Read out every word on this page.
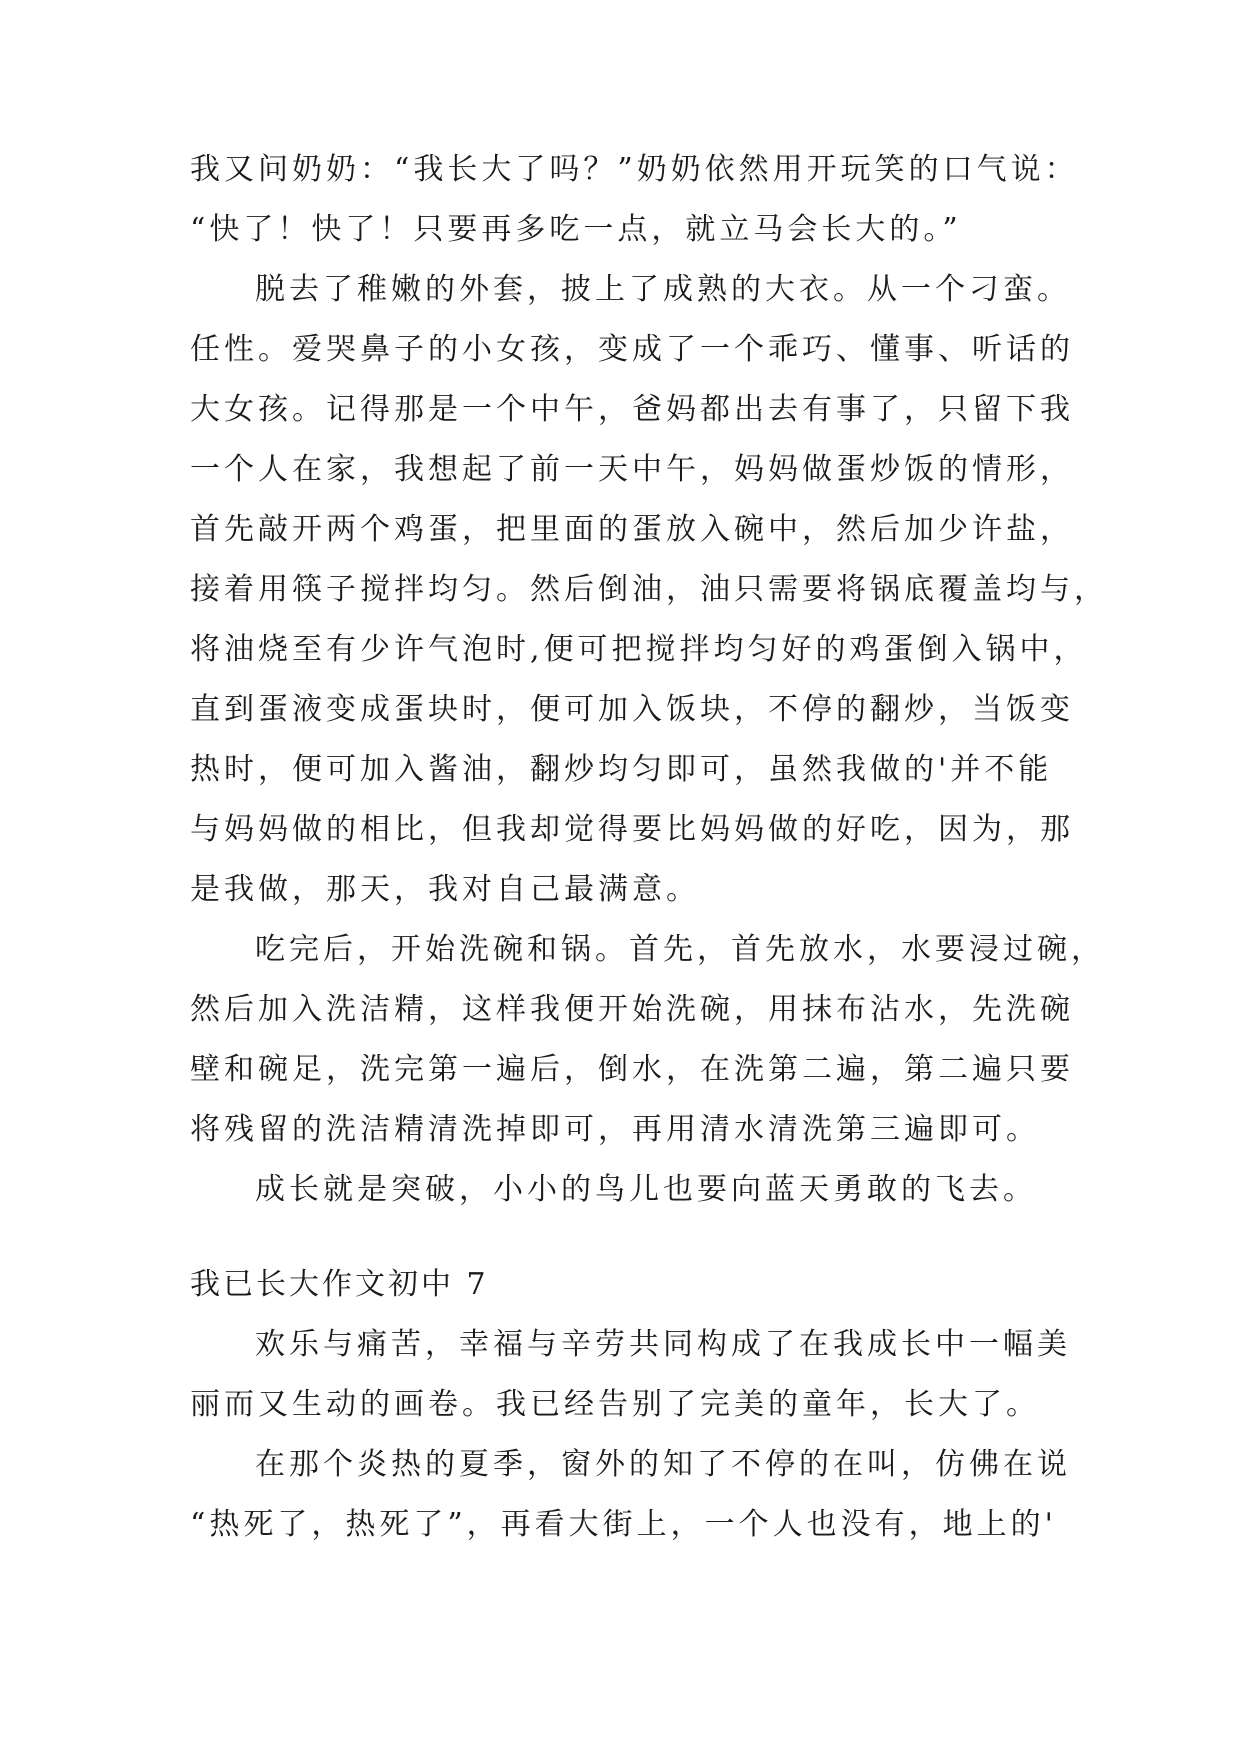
我又问奶奶：“我长大了吗？”奶奶依然用开玩笑的口气说：

“快了！快了！只要再多吃一点，就立马会长大的。”

脱去了稚嫩的外套，披上了成熟的大衣。从一个刁蛮。

任性。爱哭鼻子的小女孩，变成了一个乖巧、懂事、听话的

大女孩。记得那是一个中午，爸妈都出去有事了，只留下我

一个人在家，我想起了前一天中午，妈妈做蛋炒饭的情形，

首先敲开两个鸡蛋，把里面的蛋放入碗中，然后加少许盐，

接着用筷子搅拌均匀。然后倒油，油只需要将锅底覆盖均与，

将油烧至有少许气泡时,便可把搅拌均匀好的鸡蛋倒入锅中，

直到蛋液变成蛋块时，便可加入饭块，不停的翻炒，当饭变

热时，便可加入酱油，翻炒均匀即可，虽然我做的'并不能

与妈妈做的相比，但我却觉得要比妈妈做的好吃，因为，那

是我做，那天，我对自己最满意。

吃完后，开始洗碗和锅。首先，首先放水，水要浸过碗，

然后加入洗洁精，这样我便开始洗碗，用抹布沾水，先洗碗

壁和碗足，洗完第一遍后，倒水，在洗第二遍，第二遍只要

将残留的洗洁精清洗掉即可，再用清水清洗第三遍即可。

成长就是突破，小小的鸟儿也要向蓝天勇敢的飞去。

我已长大作文初中 7

欢乐与痛苦，幸福与辛劳共同构成了在我成长中一幅美

丽而又生动的画卷。我已经告别了完美的童年，长大了。

在那个炎热的夏季，窗外的知了不停的在叫，仿佛在说

“热死了，热死了”，再看大街上，一个人也没有，地上的'
